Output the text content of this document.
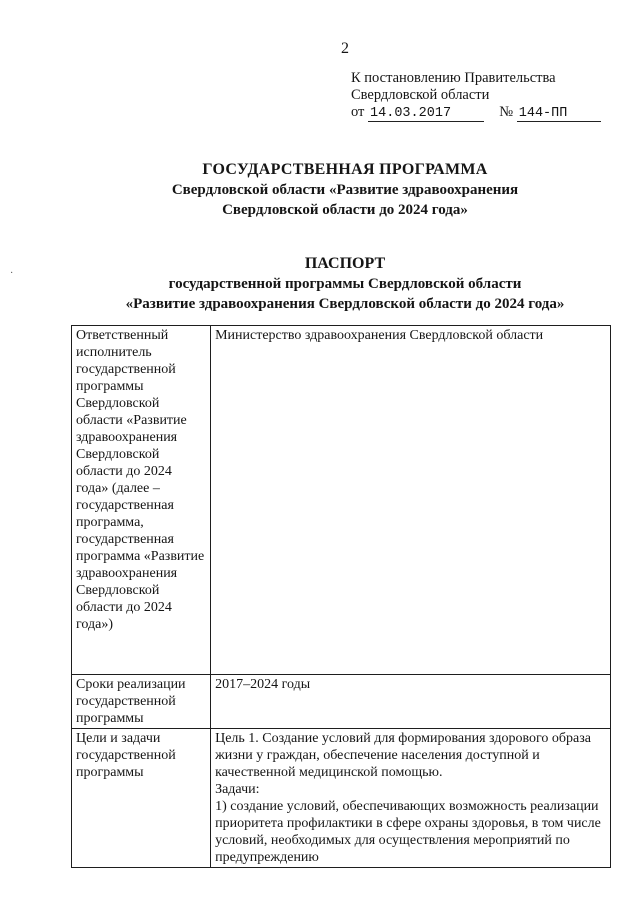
2
К постановлению Правительства
Свердловской области
от 14.03.2017	№ 144-ПП
ГОСУДАРСТВЕННАЯ ПРОГРАММА
Свердловской области «Развитие здравоохранения
Свердловской области до 2024 года»
·
ПАСПОРТ
государственной программы Свердловской области
«Развитие здравоохранения Свердловской области до 2024 года»
Ответственный исполнитель государственной программы Свердловской области «Развитие здравоохранения Свердловской области до 2024 года» (далее – государственная программа, государственная программа «Развитие здравоохранения Свердловской области до 2024 года»)	Министерство здравоохранения Свердловской области
Сроки реализации государственной программы	2017–2024 годы
Цели и задачи государственной программы	Цель 1. Создание условий для формирования здорового образа жизни у граждан, обеспечение населения доступной и качественной медицинской помощью.
Задачи:
1) создание условий, обеспечивающих возможность реализации приоритета профилактики в сфере охраны здоровья, в том числе условий, необходимых для осуществления мероприятий по предупреждению
